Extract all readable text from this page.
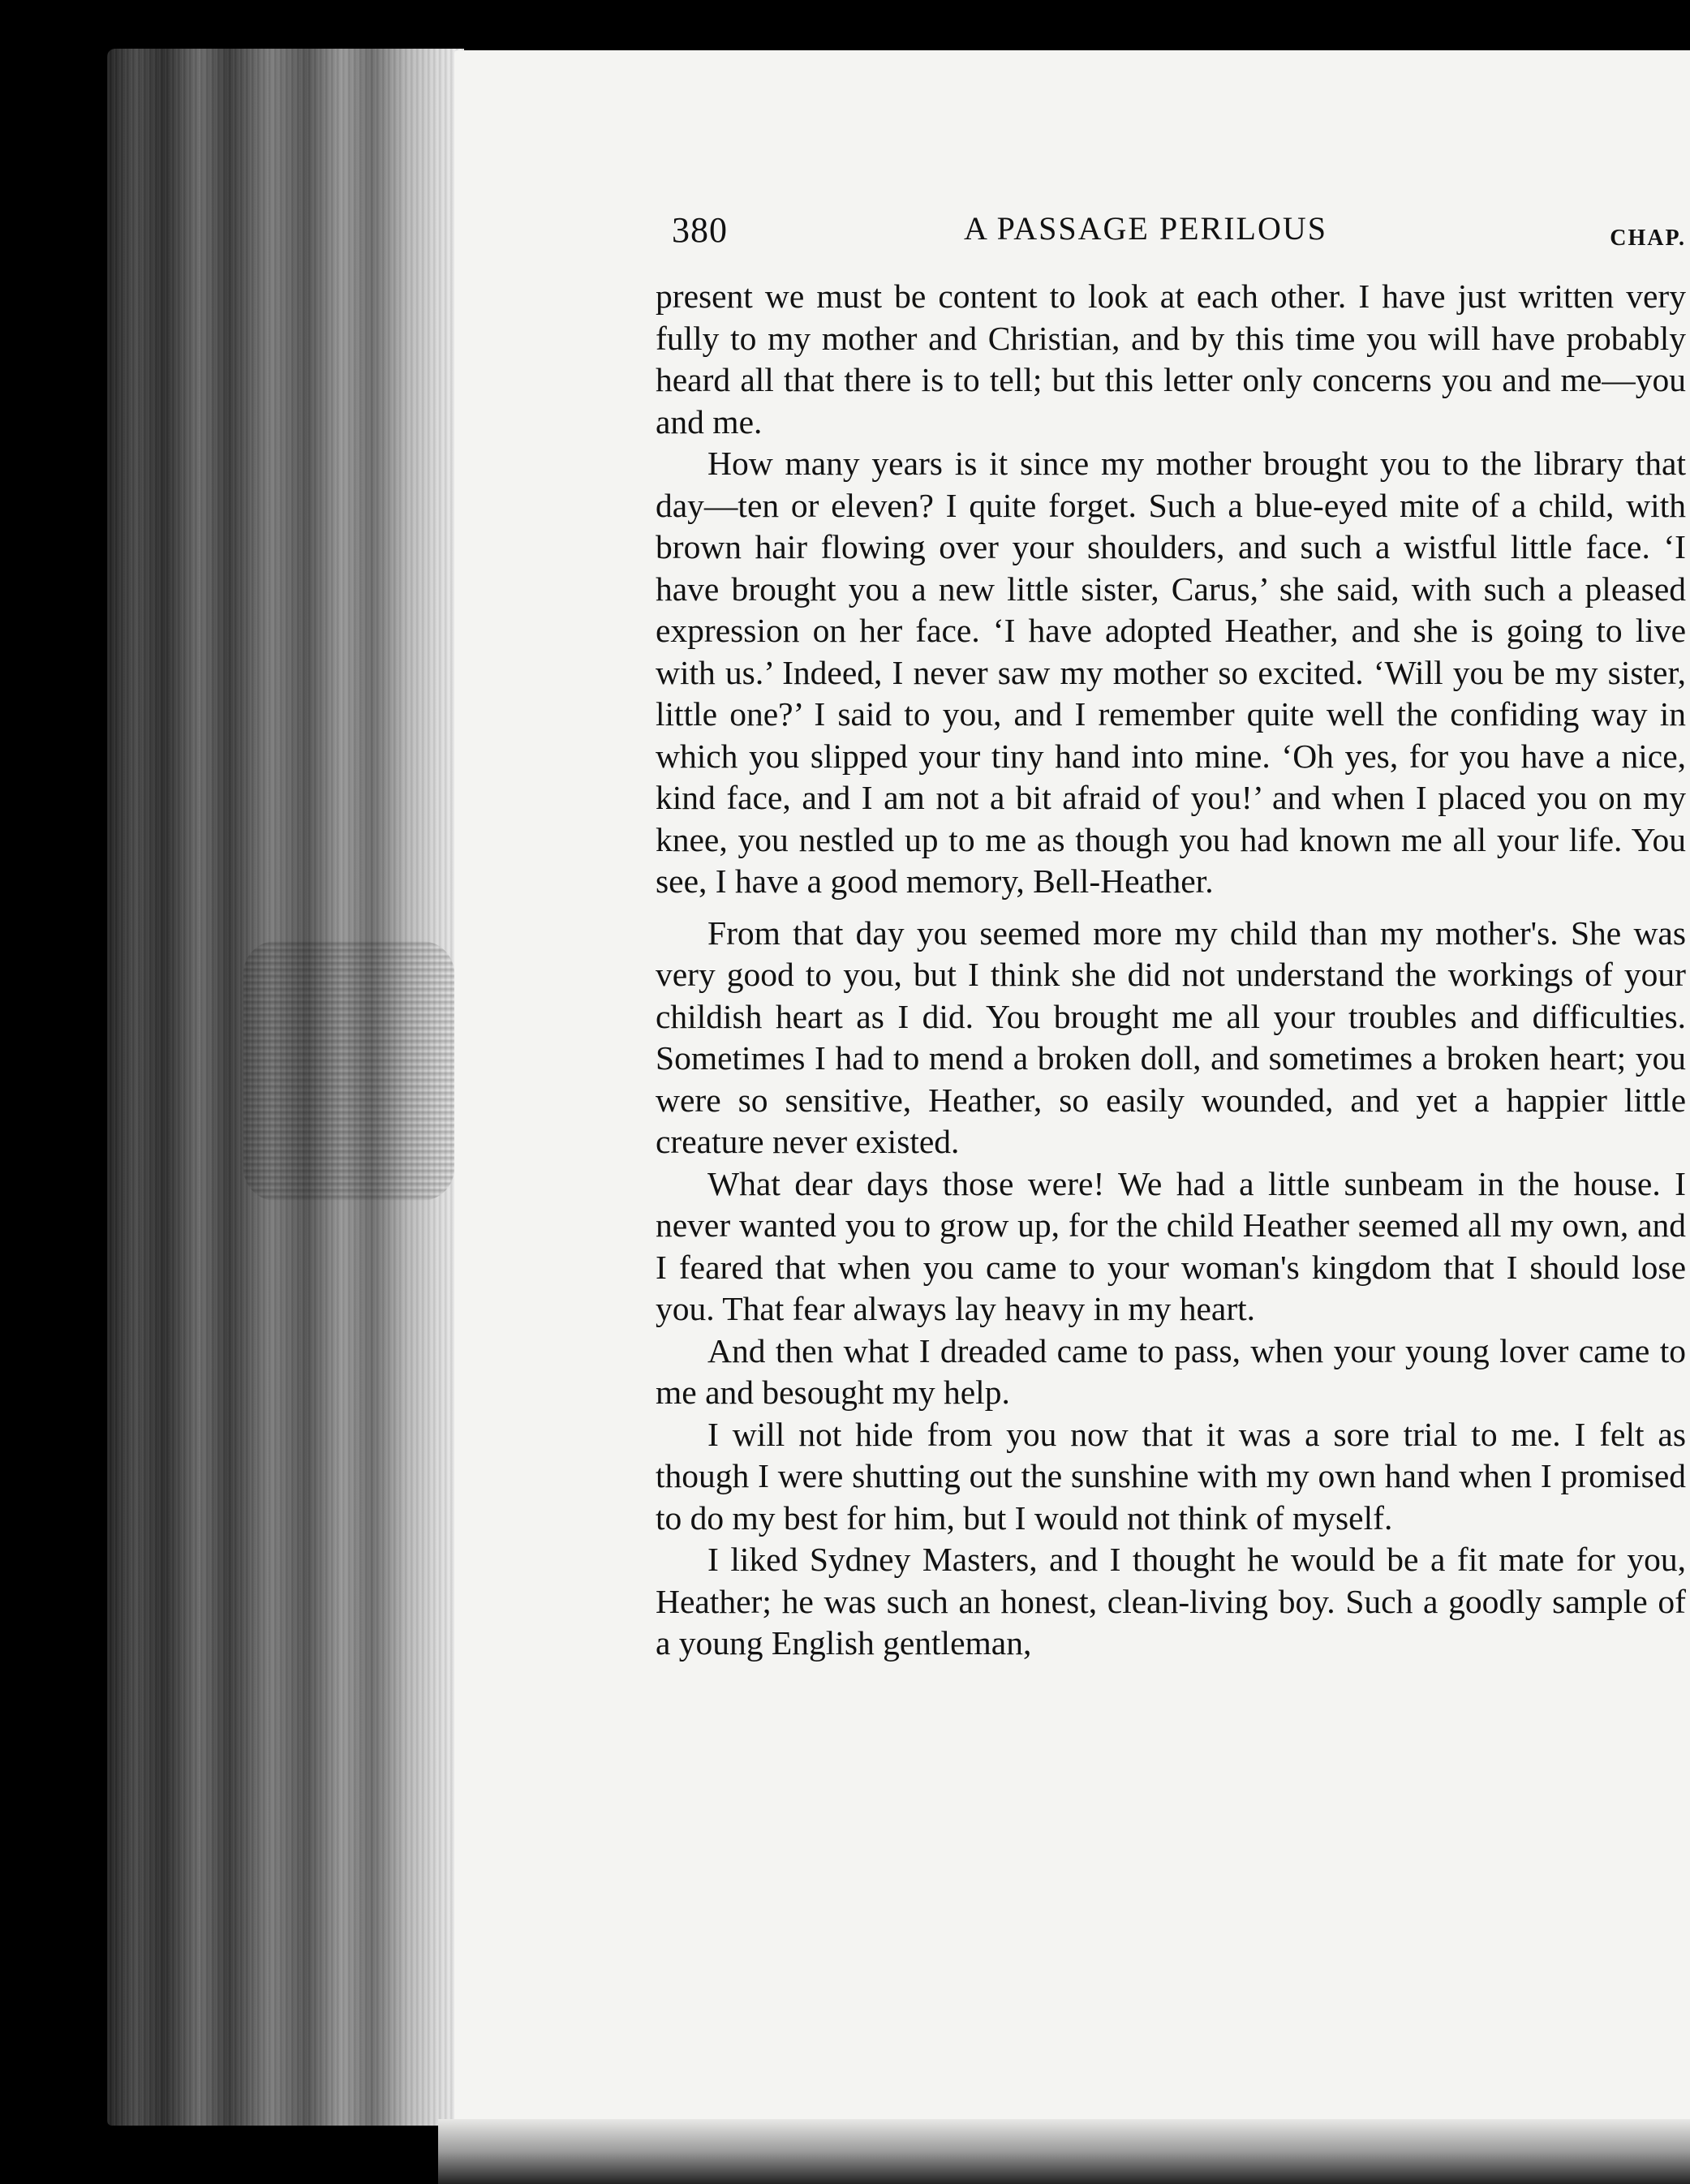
380	A PASSAGE PERILOUS	CHAP.

present we must be content to look at each other. I have just written very fully to my mother and Christian, and by this time you will have probably heard all that there is to tell; but this letter only concerns you and me—you and me.

How many years is it since my mother brought you to the library that day—ten or eleven? I quite forget. Such a blue-eyed mite of a child, with brown hair flowing over your shoulders, and such a wistful little face. ‘I have brought you a new little sister, Carus,’ she said, with such a pleased expression on her face. ‘I have adopted Heather, and she is going to live with us.’ Indeed, I never saw my mother so excited. ‘Will you be my sister, little one?’ I said to you, and I remember quite well the confiding way in which you slipped your tiny hand into mine. ‘Oh yes, for you have a nice, kind face, and I am not a bit afraid of you!’ and when I placed you on my knee, you nestled up to me as though you had known me all your life. You see, I have a good memory, Bell-Heather.

From that day you seemed more my child than my mother's. She was very good to you, but I think she did not understand the workings of your childish heart as I did. You brought me all your troubles and difficulties. Sometimes I had to mend a broken doll, and sometimes a broken heart; you were so sensitive, Heather, so easily wounded, and yet a happier little creature never existed.

What dear days those were! We had a little sunbeam in the house. I never wanted you to grow up, for the child Heather seemed all my own, and I feared that when you came to your woman's kingdom that I should lose you. That fear always lay heavy in my heart.

And then what I dreaded came to pass, when your young lover came to me and besought my help.

I will not hide from you now that it was a sore trial to me. I felt as though I were shutting out the sunshine with my own hand when I promised to do my best for him, but I would not think of myself.

I liked Sydney Masters, and I thought he would be a fit mate for you, Heather; he was such an honest, clean-living boy. Such a goodly sample of a young English gentleman,
